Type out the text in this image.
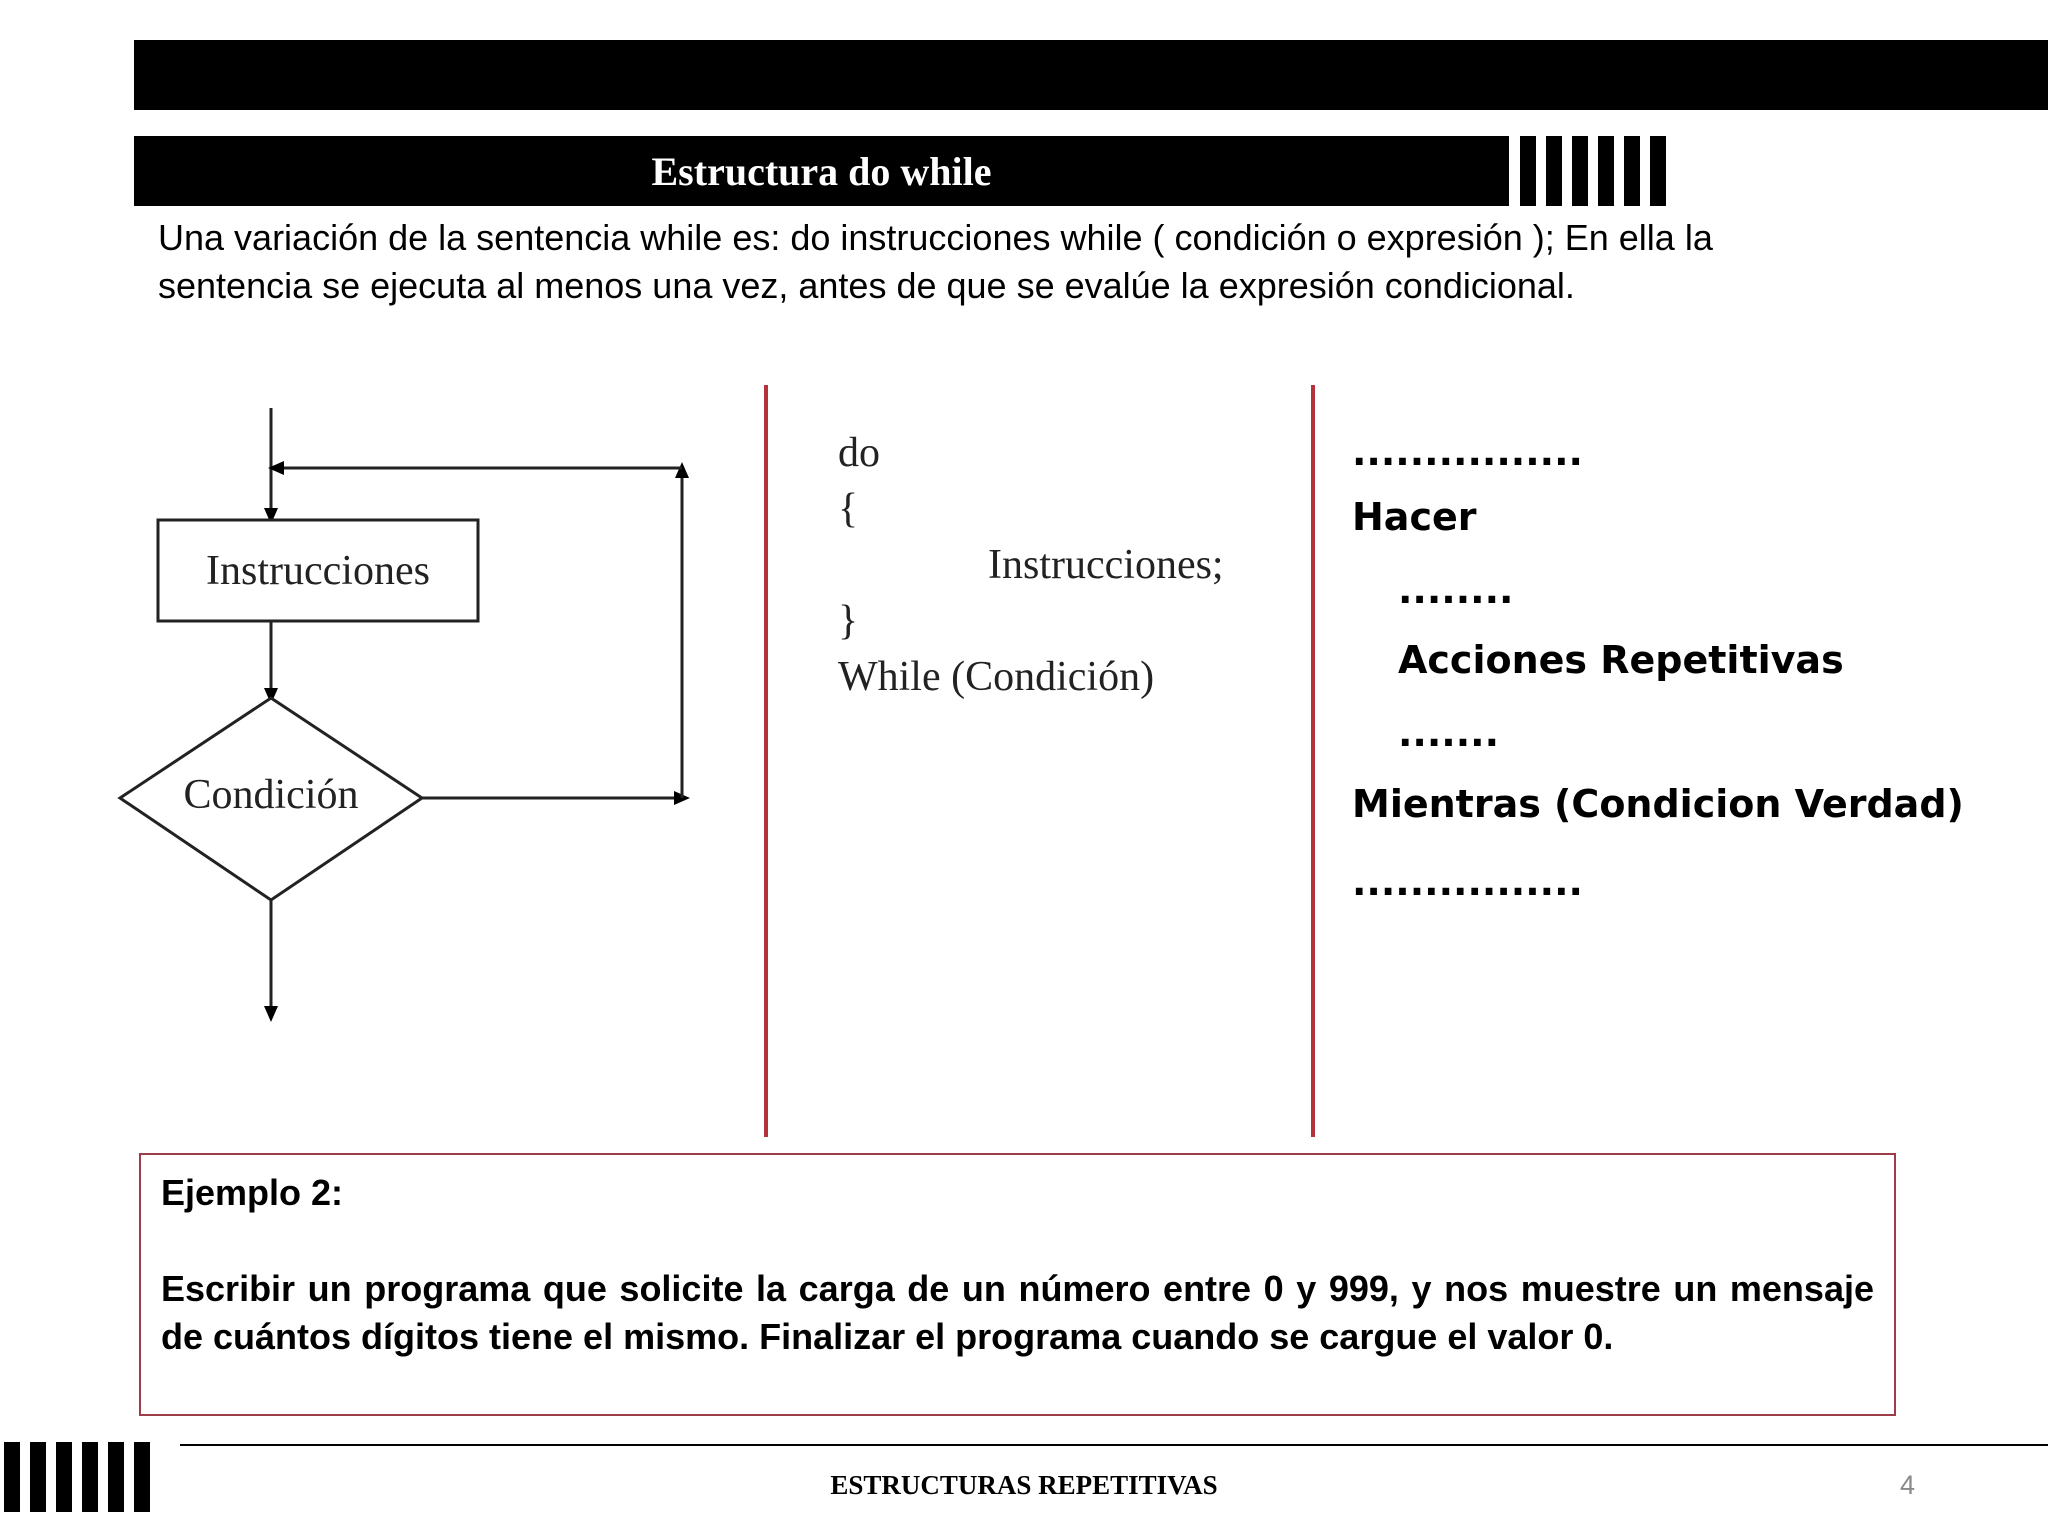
Estructura do while
Una variación de la sentencia while es: do instrucciones while ( condición o expresión ); En ella la
sentencia se ejecuta al menos una vez, antes de que se evalúe la expresión condicional.
Instrucciones
Condición
do
{
Instrucciones;
}
While (Condición)
................
Hacer
........
Acciones Repetitivas
.......
Mientras (Condicion Verdad)
................
Ejemplo 2:
Escribir un programa que solicite la carga de un número entre 0 y 999, y nos muestre un mensaje de cuántos dígitos tiene el mismo. Finalizar el programa cuando se cargue el valor 0.
ESTRUCTURAS REPETITIVAS	4
